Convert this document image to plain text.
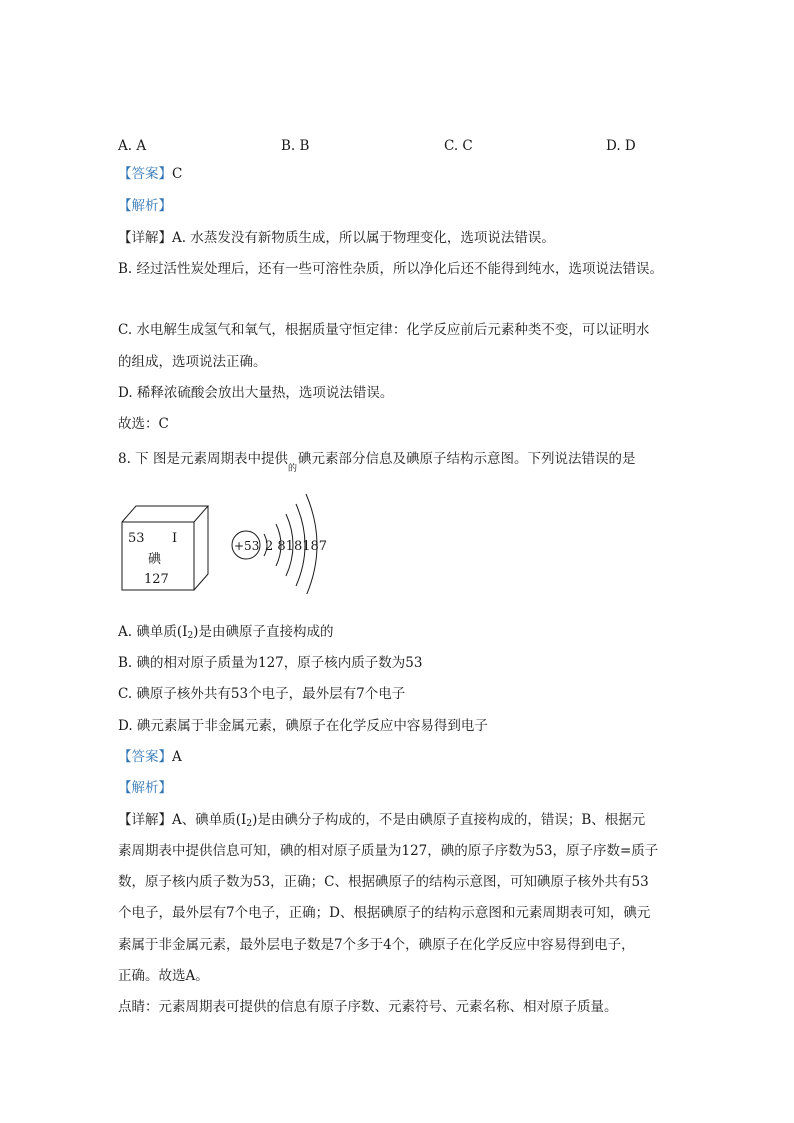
A. A	B. B	C. C	D. D
【答案】C
【解析】
【详解】A. 水蒸发没有新物质生成，所以属于物理变化，选项说法错误。
B. 经过活性炭处理后，还有一些可溶性杂质，所以净化后还不能得到纯水，选项说法错误。
C. 水电解生成氢气和氧气，根据质量守恒定律：化学反应前后元素种类不变，可以证明水
的组成，选项说法正确。
D. 稀释浓硫酸会放出大量热，选项说法错误。
故选：C
8. 下 图是元素周期表中提供
的
碘元素部分信息及碘原子结构示意图。下列说法错误的是
53 I
碘
127
+53 2 818187
A. 碘单质$(I_2)$是由碘原子直接构成的
B. 碘的相对原子质量为127，原子核内质子数为53
C. 碘原子核外共有53个电子，最外层有7个电子
D. 碘元素属于非金属元素，碘原子在化学反应中容易得到电子
【答案】A
【解析】
【详解】A、碘单质$(I_2)$是由碘分子构成的，不是由碘原子直接构成的，错误；B、根据元
素周期表中提供信息可知，碘的相对原子质量为127，碘的原子序数为53，原子序数=质子
数，原子核内质子数为53，正确；C、根据碘原子的结构示意图，可知碘原子核外共有53
个电子，最外层有7个电子，正确；D、根据碘原子的结构示意图和元素周期表可知，碘元
素属于非金属元素，最外层电子数是7个多于4个，碘原子在化学反应中容易得到电子，
正确。故选A。
点睛：元素周期表可提供的信息有原子序数、元素符号、元素名称、相对原子质量。
